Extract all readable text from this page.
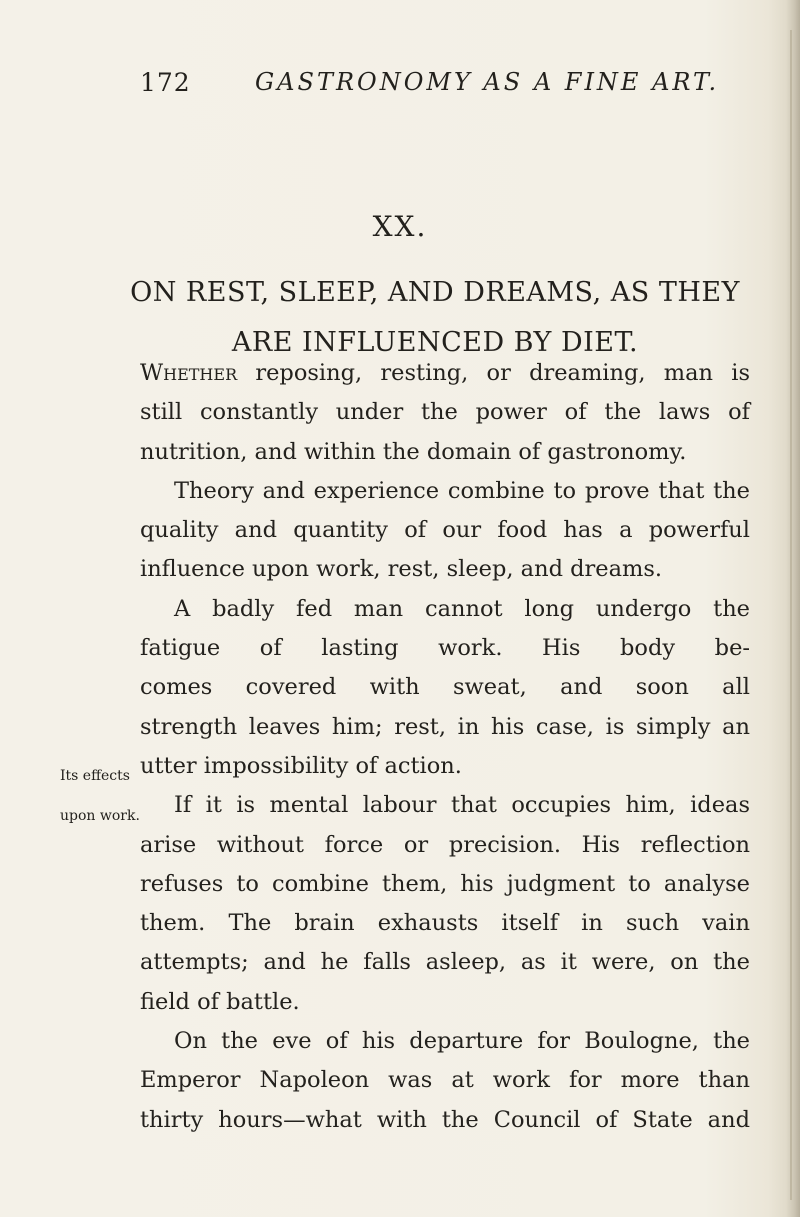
172	GASTRONOMY AS A FINE ART.
XX.
ON REST, SLEEP, AND DREAMS, AS THEY
ARE INFLUENCED BY DIET.
Its effects
upon work.
Whether reposing, resting, or dreaming, man is
still constantly under the power of the laws of
nutrition, and within the domain of gastronomy.
Theory and experience combine to prove that the
quality and quantity of our food has a powerful
influence upon work, rest, sleep, and dreams.
A badly fed man cannot long undergo the
fatigue of lasting work. His body be-
comes covered with sweat, and soon all
strength leaves him; rest, in his case, is simply an
utter impossibility of action.
If it is mental labour that occupies him, ideas
arise without force or precision. His reflection
refuses to combine them, his judgment to analyse
them. The brain exhausts itself in such vain
attempts; and he falls asleep, as it were, on the
field of battle.
On the eve of his departure for Boulogne, the
Emperor Napoleon was at work for more than
thirty hours—what with the Council of State and
